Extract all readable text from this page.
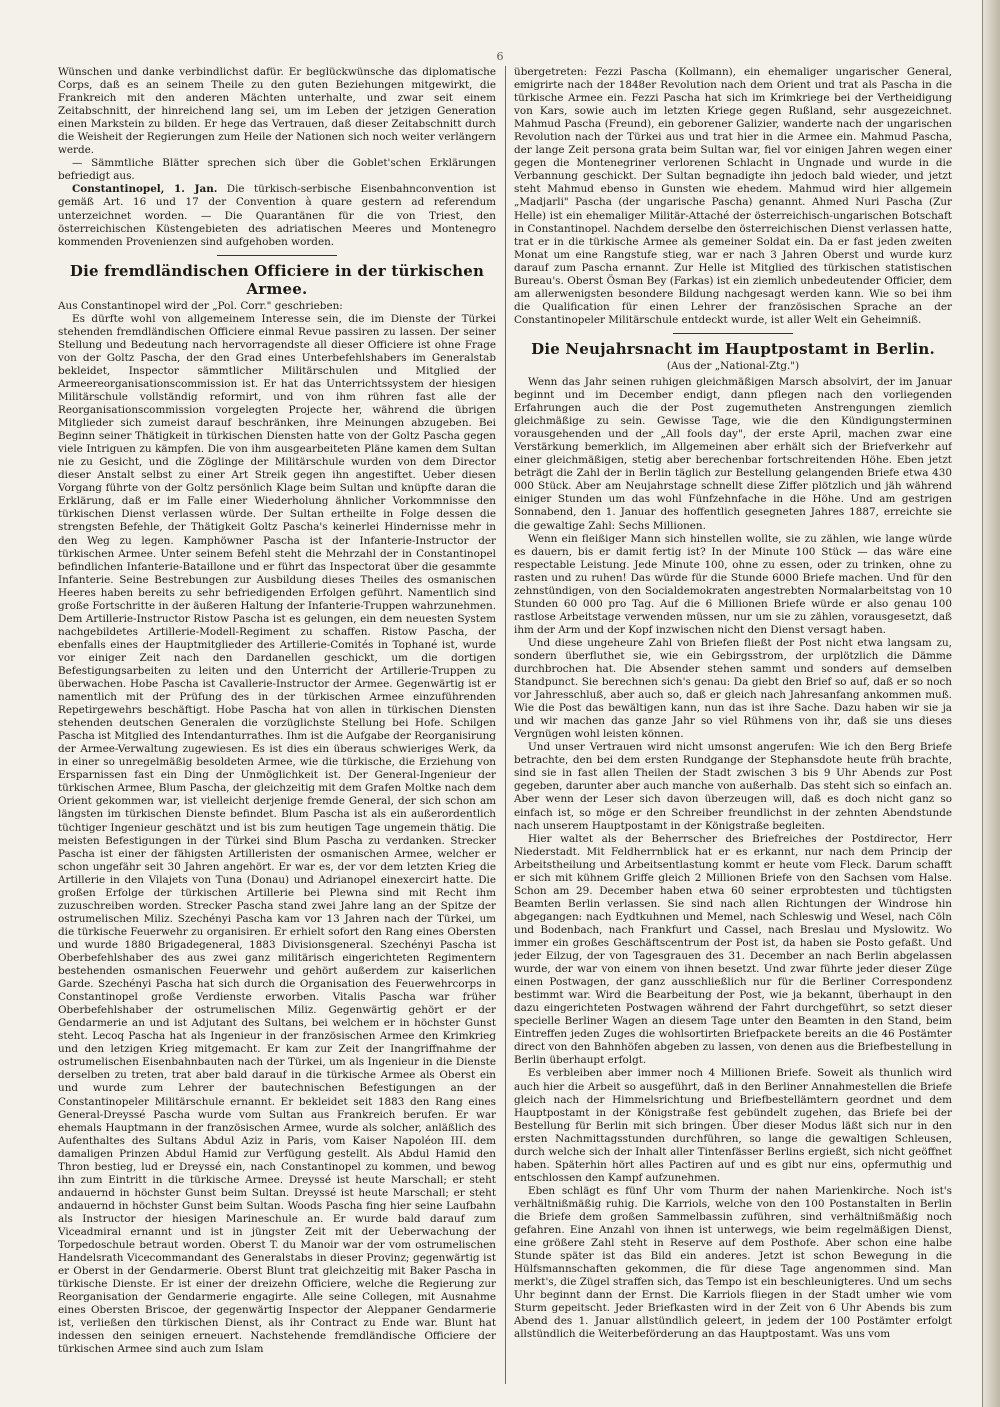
6

Wünschen und danke verbindlichst dafür. Er beglückwünsche das diplomatische Corps, daß es an seinem Theile zu den guten Beziehungen mitgewirkt, die Frankreich mit den anderen Mächten unterhalte, und zwar seit einem Zeitabschnitt, der hinreichend lang sei, um im Leben der jetzigen Generation einen Markstein zu bilden. Er hege das Vertrauen, daß dieser Zeitabschnitt durch die Weisheit der Regierungen zum Heile der Nationen sich noch weiter verlängern werde.

— Sämmtliche Blätter sprechen sich über die Goblet'schen Erklärungen befriedigt aus.

Constantinopel, 1. Jan. Die türkisch-serbische Eisenbahnconvention ist gemäß Art. 16 und 17 der Convention à quare gestern ad referendum unterzeichnet worden. — Die Quarantänen für die von Triest, den österreichischen Küstengebieten des adriatischen Meeres und Montenegro kommenden Provenienzen sind aufgehoben worden.

Die fremdländischen Officiere in der türkischen Armee.

Aus Constantinopel wird der „Pol. Corr." geschrieben:

Es dürfte wohl von allgemeinem Interesse sein, die im Dienste der Türkei stehenden fremdländischen Officiere einmal Revue passiren zu lassen. Der seiner Stellung und Bedeutung nach hervorragendste all dieser Officiere ist ohne Frage von der Goltz Pascha, der den Grad eines Unterbefehlshabers im Generalstab bekleidet, Inspector sämmtlicher Militärschulen und Mitglied der Armeereorganisationscommission ist. Er hat das Unterrichtssystem der hiesigen Militärschule vollständig reformirt, und von ihm rühren fast alle der Reorganisationscommission vorgelegten Projecte her, während die übrigen Mitglieder sich zumeist darauf beschränken, ihre Meinungen abzugeben. Bei Beginn seiner Thätigkeit in türkischen Diensten hatte von der Goltz Pascha gegen viele Intriguen zu kämpfen. Die von ihm ausgearbeiteten Pläne kamen dem Sultan nie zu Gesicht, und die Zöglinge der Militärschule wurden von dem Director dieser Anstalt selbst zu einer Art Streik gegen ihn angestiftet. Ueber diesen Vorgang führte von der Goltz persönlich Klage beim Sultan und knüpfte daran die Erklärung, daß er im Falle einer Wiederholung ähnlicher Vorkommnisse den türkischen Dienst verlassen würde. Der Sultan ertheilte in Folge dessen die strengsten Befehle, der Thätigkeit Goltz Pascha's keinerlei Hindernisse mehr in den Weg zu legen. Kamphöwner Pascha ist der Infanterie-Instructor der türkischen Armee. Unter seinem Befehl steht die Mehrzahl der in Constantinopel befindlichen Infanterie-Bataillone und er führt das Inspectorat über die gesammte Infanterie. Seine Bestrebungen zur Ausbildung dieses Theiles des osmanischen Heeres haben bereits zu sehr befriedigenden Erfolgen geführt. Namentlich sind große Fortschritte in der äußeren Haltung der Infanterie-Truppen wahrzunehmen. Dem Artillerie-Instructor Ristow Pascha ist es gelungen, ein dem neuesten System nachgebildetes Artillerie-Modell-Regiment zu schaffen. Ristow Pascha, der ebenfalls eines der Hauptmitglieder des Artillerie-Comités in Tophané ist, wurde vor einiger Zeit nach den Dardanellen geschickt, um die dortigen Befestigungsarbeiten zu leiten und den Unterricht der Artillerie-Truppen zu überwachen. Hobe Pascha ist Cavallerie-Instructor der Armee. Gegenwärtig ist er namentlich mit der Prüfung des in der türkischen Armee einzuführenden Repetirgewehrs beschäftigt. Hobe Pascha hat von allen in türkischen Diensten stehenden deutschen Generalen die vorzüglichste Stellung bei Hofe. Schilgen Pascha ist Mitglied des Intendanturrathes. Ihm ist die Aufgabe der Reorganisirung der Armee-Verwaltung zugewiesen. Es ist dies ein überaus schwieriges Werk, da in einer so unregelmäßig besoldeten Armee, wie die türkische, die Erziehung von Ersparnissen fast ein Ding der Unmöglichkeit ist. Der General-Ingenieur der türkischen Armee, Blum Pascha, der gleichzeitig mit dem Grafen Moltke nach dem Orient gekommen war, ist vielleicht derjenige fremde General, der sich schon am längsten im türkischen Dienste befindet. Blum Pascha ist als ein außerordentlich tüchtiger Ingenieur geschätzt und ist bis zum heutigen Tage ungemein thätig. Die meisten Befestigungen in der Türkei sind Blum Pascha zu verdanken. Strecker Pascha ist einer der fähigsten Artilleristen der osmanischen Armee, welcher er schon ungefähr seit 30 Jahren angehört. Er war es, der vor dem letzten Krieg die Artillerie in den Vilajets von Tuna (Donau) und Adrianopel einexercirt hatte. Die großen Erfolge der türkischen Artillerie bei Plewna sind mit Recht ihm zuzuschreiben worden. Strecker Pascha stand zwei Jahre lang an der Spitze der ostrumelischen Miliz. Szechényi Pascha kam vor 13 Jahren nach der Türkei, um die türkische Feuerwehr zu organisiren. Er erhielt sofort den Rang eines Obersten und wurde 1880 Brigadegeneral, 1883 Divisionsgeneral. Szechényi Pascha ist Oberbefehlshaber des aus zwei ganz militärisch eingerichteten Regimentern bestehenden osmanischen Feuerwehr und gehört außerdem zur kaiserlichen Garde. Szechényi Pascha hat sich durch die Organisation des Feuerwehrcorps in Constantinopel große Verdienste erworben. Vitalis Pascha war früher Oberbefehlshaber der ostrumelischen Miliz. Gegenwärtig gehört er der Gendarmerie an und ist Adjutant des Sultans, bei welchem er in höchster Gunst steht. Lecoq Pascha hat als Ingenieur in der französischen Armee den Krimkrieg und den letzigen Krieg mitgemacht. Er kam zur Zeit der Inangriffnahme der ostrumelischen Eisenbahnbauten nach der Türkei, um als Ingenieur in die Dienste derselben zu treten, trat aber bald darauf in die türkische Armee als Oberst ein und wurde zum Lehrer der bautechnischen Befestigungen an der Constantinopeler Militärschule ernannt. Er bekleidet seit 1883 den Rang eines General-Dreyssé Pascha wurde vom Sultan aus Frankreich berufen. Er war ehemals Hauptmann in der französischen Armee, wurde als solcher, anläßlich des Aufenthaltes des Sultans Abdul Aziz in Paris, vom Kaiser Napoléon III. dem damaligen Prinzen Abdul Hamid zur Verfügung gestellt. Als Abdul Hamid den Thron bestieg, lud er Dreyssé ein, nach Constantinopel zu kommen, und bewog ihn zum Eintritt in die türkische Armee. Dreyssé ist heute Marschall; er steht andauernd in höchster Gunst beim Sultan. Dreyssé ist heute Marschall; er steht andauernd in höchster Gunst beim Sultan. Woods Pascha fing hier seine Laufbahn als Instructor der hiesigen Marineschule an. Er wurde bald darauf zum Viceadmiral ernannt und ist in jüngster Zeit mit der Ueberwachung der Torpedoschule betraut worden. Oberst T. du Manoir war der vom ostrumelischen Handelsrath Vicecommandant des Generalstabs in dieser Provinz; gegenwärtig ist er Oberst in der Gendarmerie. Oberst Blunt trat gleichzeitig mit Baker Pascha in türkische Dienste. Er ist einer der dreizehn Officiere, welche die Regierung zur Reorganisation der Gendarmerie engagirte. Alle seine Collegen, mit Ausnahme eines Obersten Briscoe, der gegenwärtig Inspector der Aleppaner Gendarmerie ist, verließen den türkischen Dienst, als ihr Contract zu Ende war. Blunt hat indessen den seinigen erneuert. Nachstehende fremdländische Officiere der türkischen Armee sind auch zum Islam

übergetreten: Fezzi Pascha (Kollmann), ein ehemaliger ungarischer General, emigrirte nach der 1848er Revolution nach dem Orient und trat als Pascha in die türkische Armee ein. Fezzi Pascha hat sich im Krimkriege bei der Vertheidigung von Kars, sowie auch im letzten Kriege gegen Rußland, sehr ausgezeichnet. Mahmud Pascha (Freund), ein geborener Galizier, wanderte nach der ungarischen Revolution nach der Türkei aus und trat hier in die Armee ein. Mahmud Pascha, der lange Zeit persona grata beim Sultan war, fiel vor einigen Jahren wegen einer gegen die Montenegriner verlorenen Schlacht in Ungnade und wurde in die Verbannung geschickt. Der Sultan begnadigte ihn jedoch bald wieder, und jetzt steht Mahmud ebenso in Gunsten wie ehedem. Mahmud wird hier allgemein „Madjarli" Pascha (der ungarische Pascha) genannt. Ahmed Nuri Pascha (Zur Helle) ist ein ehemaliger Militär-Attaché der österreichisch-ungarischen Botschaft in Constantinopel. Nachdem derselbe den österreichischen Dienst verlassen hatte, trat er in die türkische Armee als gemeiner Soldat ein. Da er fast jeden zweiten Monat um eine Rangstufe stieg, war er nach 3 Jahren Oberst und wurde kurz darauf zum Pascha ernannt. Zur Helle ist Mitglied des türkischen statistischen Bureau's. Oberst Ösman Bey (Farkas) ist ein ziemlich unbedeutender Officier, dem am allerwenigsten besondere Bildung nachgesagt werden kann. Wie so bei ihm die Qualification für einen Lehrer der französischen Sprache an der Constantinopeler Militärschule entdeckt wurde, ist aller Welt ein Geheimniß.

Die Neujahrsnacht im Hauptpostamt in Berlin.
(Aus der „National-Ztg.")

Wenn das Jahr seinen ruhigen gleichmäßigen Marsch absolvirt, der im Januar beginnt und im December endigt, dann pflegen nach den vorliegenden Erfahrungen auch die der Post zugemutheten Anstrengungen ziemlich gleichmäßige zu sein. Gewisse Tage, wie die den Kündigungsterminen vorausgehenden und der „All fools day", der erste April, machen zwar eine Verstärkung bemerklich, im Allgemeinen aber erhält sich der Briefverkehr auf einer gleichmäßigen, stetig aber berechenbar fortschreitenden Höhe. Eben jetzt beträgt die Zahl der in Berlin täglich zur Bestellung gelangenden Briefe etwa 430 000 Stück. Aber am Neujahrstage schnellt diese Ziffer plötzlich und jäh während einiger Stunden um das wohl Fünfzehnfache in die Höhe. Und am gestrigen Sonnabend, den 1. Januar des hoffentlich gesegneten Jahres 1887, erreichte sie die gewaltige Zahl: Sechs Millionen.

Wenn ein fleißiger Mann sich hinstellen wollte, sie zu zählen, wie lange würde es dauern, bis er damit fertig ist? In der Minute 100 Stück — das wäre eine respectable Leistung. Jede Minute 100, ohne zu essen, oder zu trinken, ohne zu rasten und zu ruhen! Das würde für die Stunde 6000 Briefe machen. Und für den zehnstündigen, von den Socialdemokraten angestrebten Normalarbeitstag von 10 Stunden 60 000 pro Tag. Auf die 6 Millionen Briefe würde er also genau 100 rastlose Arbeitstage verwenden müssen, nur um sie zu zählen, vorausgesetzt, daß ihm der Arm und der Kopf inzwischen nicht den Dienst versagt haben.

Und diese ungeheure Zahl von Briefen fließt der Post nicht etwa langsam zu, sondern überfluthet sie, wie ein Gebirgsstrom, der urplötzlich die Dämme durchbrochen hat. Die Absender stehen sammt und sonders auf demselben Standpunct. Sie berechnen sich's genau: Da giebt den Brief so auf, daß er so noch vor Jahresschluß, aber auch so, daß er gleich nach Jahresanfang ankommen muß. Wie die Post das bewältigen kann, nun das ist ihre Sache. Dazu haben wir sie ja und wir machen das ganze Jahr so viel Rühmens von ihr, daß sie uns dieses Vergnügen wohl leisten können.

Und unser Vertrauen wird nicht umsonst angerufen: Wie ich den Berg Briefe betrachte, den bei dem ersten Rundgange der Stephansdote heute früh brachte, sind sie in fast allen Theilen der Stadt zwischen 3 bis 9 Uhr Abends zur Post gegeben, darunter aber auch manche von außerhalb. Das steht sich so einfach an. Aber wenn der Leser sich davon überzeugen will, daß es doch nicht ganz so einfach ist, so möge er den Schreiber freundlichst in der zehnten Abendstunde nach unserem Hauptpostamt in der Königstraße begleiten.

Hier waltet als der Beherrscher des Briefreiches der Postdirector, Herr Niederstadt. Mit Feldherrnblick hat er es erkannt, nur nach dem Princip der Arbeitstheilung und Arbeitsentlastung kommt er heute vom Fleck. Darum schafft er sich mit kühnem Griffe gleich 2 Millionen Briefe von den Sachsen vom Halse. Schon am 29. December haben etwa 60 seiner erprobtesten und tüchtigsten Beamten Berlin verlassen. Sie sind nach allen Richtungen der Windrose hin abgegangen: nach Eydtkuhnen und Memel, nach Schleswig und Wesel, nach Cöln und Bodenbach, nach Frankfurt und Cassel, nach Breslau und Myslowitz. Wo immer ein großes Geschäftscentrum der Post ist, da haben sie Posto gefaßt. Und jeder Eilzug, der von Tagesgrauen des 31. December an nach Berlin abgelassen wurde, der war von einem von ihnen besetzt. Und zwar führte jeder dieser Züge einen Postwagen, der ganz ausschließlich nur für die Berliner Correspondenz bestimmt war. Wird die Bearbeitung der Post, wie ja bekannt, überhaupt in den dazu eingerichteten Postwagen während der Fahrt durchgeführt, so setzt dieser specielle Berliner Wagen an diesem Tage unter den Beamten in den Stand, beim Eintreffen jeden Zuges die wohlsortirten Briefpackete bereits an die 46 Postämter direct von den Bahnhöfen abgeben zu lassen, von denen aus die Briefbestellung in Berlin überhaupt erfolgt.

Es verbleiben aber immer noch 4 Millionen Briefe. Soweit als thunlich wird auch hier die Arbeit so ausgeführt, daß in den Berliner Annahmestellen die Briefe gleich nach der Himmelsrichtung und Briefbestellämtern geordnet und dem Hauptpostamt in der Königstraße fest gebündelt zugehen, das Briefe bei der Bestellung für Berlin mit sich bringen. Über dieser Modus läßt sich nur in den ersten Nachmittagsstunden durchführen, so lange die gewaltigen Schleusen, durch welche sich der Inhalt aller Tintenfässer Berlins ergießt, sich nicht geöffnet haben. Späterhin hört alles Pactiren auf und es gibt nur eins, opfermuthig und entschlossen den Kampf aufzunehmen.

Eben schlägt es fünf Uhr vom Thurm der nahen Marienkirche. Noch ist's verhältnißmäßig ruhig. Die Karriols, welche von den 100 Postanstalten in Berlin die Briefe dem großen Sammelbassin zuführen, sind verhältnißmäßig noch gefahren. Eine Anzahl von ihnen ist unterwegs, wie beim regelmäßigen Dienst, eine größere Zahl steht in Reserve auf dem Posthofe. Aber schon eine halbe Stunde später ist das Bild ein anderes. Jetzt ist schon Bewegung in die Hülfsmannschaften gekommen, die für diese Tage angenommen sind. Man merkt's, die Zügel straffen sich, das Tempo ist ein beschleunigteres. Und um sechs Uhr beginnt dann der Ernst. Die Karriols fliegen in der Stadt umher wie vom Sturm gepeitscht. Jeder Briefkasten wird in der Zeit von 6 Uhr Abends bis zum Abend des 1. Januar allstündlich geleert, in jedem der 100 Postämter erfolgt allstündlich die Weiterbeförderung an das Hauptpostamt. Was uns vom
